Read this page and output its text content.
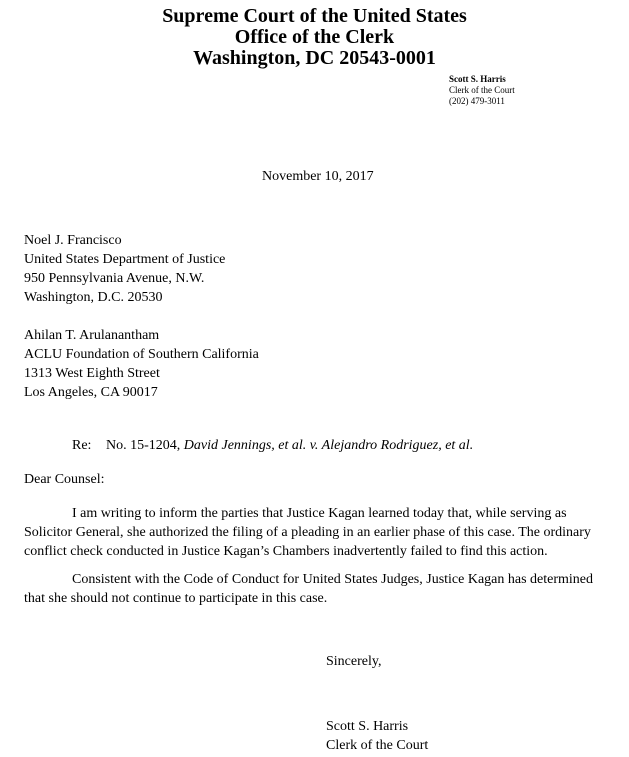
Supreme Court of the United States
Office of the Clerk
Washington, DC 20543-0001
Scott S. Harris
Clerk of the Court
(202) 479-3011
November 10, 2017
Noel J. Francisco
United States Department of Justice
950 Pennsylvania Avenue, N.W.
Washington, D.C. 20530
Ahilan T. Arulanantham
ACLU Foundation of Southern California
1313 West Eighth Street
Los Angeles, CA 90017
Re: No. 15-1204, David Jennings, et al. v. Alejandro Rodriguez, et al.
Dear Counsel:
I am writing to inform the parties that Justice Kagan learned today that, while serving as Solicitor General, she authorized the filing of a pleading in an earlier phase of this case. The ordinary conflict check conducted in Justice Kagan’s Chambers inadvertently failed to find this action.
Consistent with the Code of Conduct for United States Judges, Justice Kagan has determined that she should not continue to participate in this case.
Sincerely,
Scott S. Harris
Clerk of the Court
